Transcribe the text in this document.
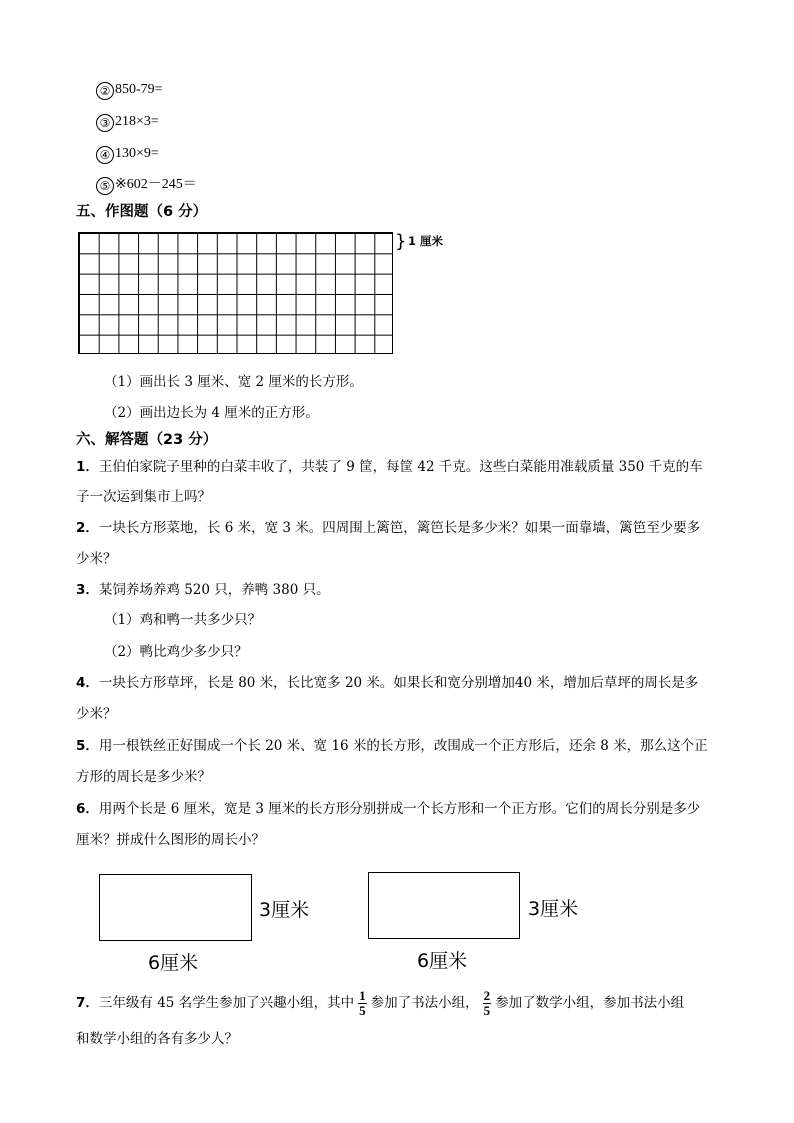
② 850-79=
③ 218×3=
④ 130×9=
⑤ ※602－245＝
五、作图题（6 分）
} 1 厘米
（1）画出长 3 厘米、宽 2 厘米的长方形。
（2）画出边长为 4 厘米的正方形。
六、解答题（23 分）
1．王伯伯家院子里种的白菜丰收了，共装了 9 筐，每筐 42 千克。这些白菜能用准载质量 350 千克的车
子一次运到集市上吗？
2．一块长方形菜地，长 6 米，宽 3 米。四周围上篱笆，篱笆长是多少米？如果一面靠墙，篱笆至少要多
少米？
3．某饲养场养鸡 520 只，养鸭 380 只。
（1）鸡和鸭一共多少只？
（2）鸭比鸡少多少只？
4．一块长方形草坪，长是 80 米，长比宽多 20 米。如果长和宽分别增加40 米，增加后草坪的周长是多
少米？
5．用一根铁丝正好围成一个长 20 米、宽 16 米的长方形，改围成一个正方形后，还余 8 米，那么这个正
方形的周长是多少米？
6．用两个长是 6 厘米，宽是 3 厘米的长方形分别拼成一个长方形和一个正方形。它们的周长分别是多少
厘米？拼成什么图形的周长小？
3厘米
6厘米
3厘米
6厘米
7．三年级有 45 名学生参加了兴趣小组，其中 $\frac{1}{5}$ 参加了书法小组， $\frac{2}{5}$ 参加了数学小组，参加书法小组
和数学小组的各有多少人？
